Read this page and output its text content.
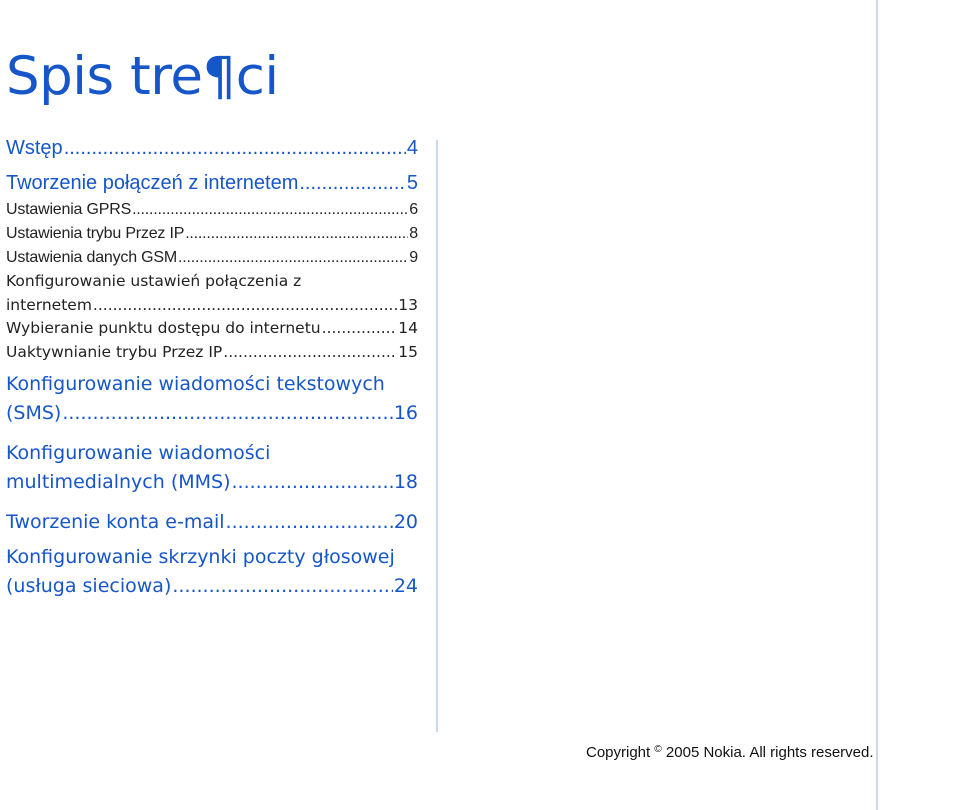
Spis tre¶ci
Wstęp .....	4
Tworzenie połączeń z internetem .....	5
Ustawienia GPRS .....	6
Ustawienia trybu Przez IP .....	8
Ustawienia danych GSM .....	9
Konfigurowanie ustawień połączenia z
internetem .....	13
Wybieranie punktu dostępu do internetu .....	14
Uaktywnianie trybu Przez IP .....	15
Konfigurowanie wiadomości tekstowych
(SMS) .....	16
Konfigurowanie wiadomości
multimedialnych (MMS) .....	18
Tworzenie konta e-mail .....	20
Konfigurowanie skrzynki poczty głosowej
(usługa sieciowa) .....	24
Copyright © 2005 Nokia. All rights reserved.
